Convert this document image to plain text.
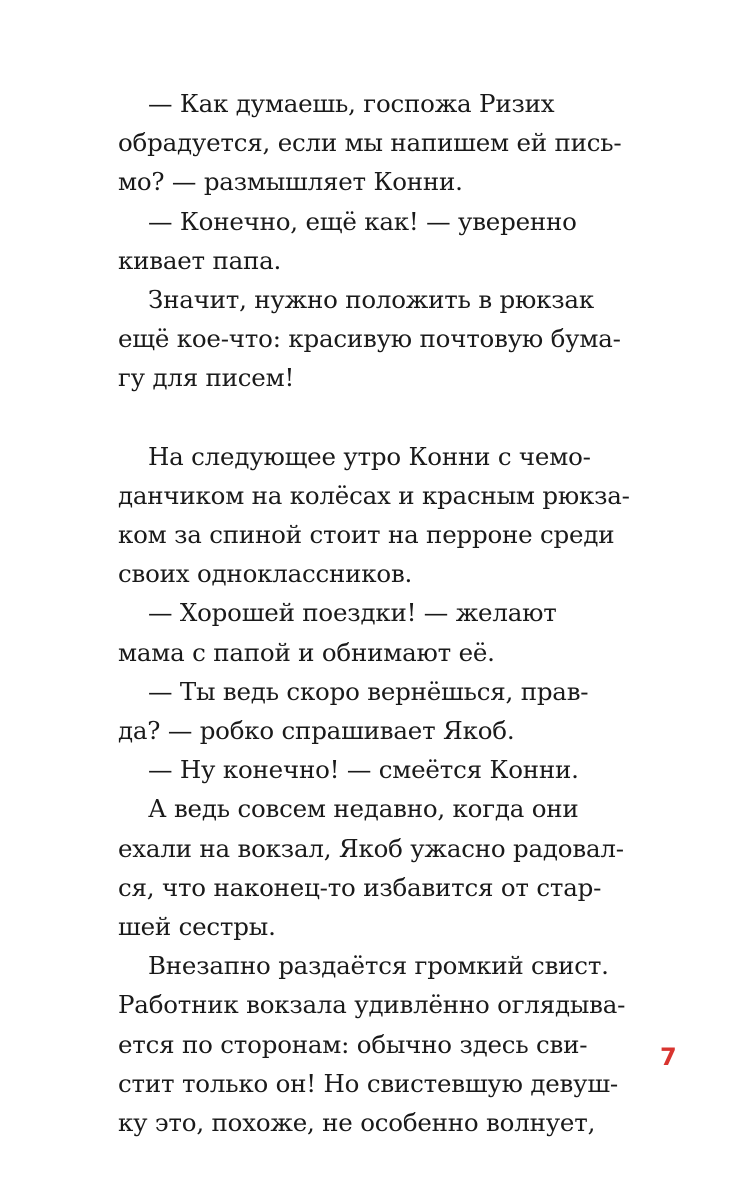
— Как думаешь, госпожа Ризих
обрадуется, если мы напишем ей пись-
мо? — размышляет Конни.
— Конечно, ещё как! — уверенно
кивает папа.
Значит, нужно положить в рюкзак
ещё кое-что: красивую почтовую бума-
гу для писем!
На следующее утро Конни с чемо-
данчиком на колёсах и красным рюкза-
ком за спиной стоит на перроне среди
своих одноклассников.
— Хорошей поездки! — желают
мама с папой и обнимают её.
— Ты ведь скоро вернёшься, прав-
да? — робко спрашивает Якоб.
— Ну конечно! — смеётся Конни.
А ведь совсем недавно, когда они
ехали на вокзал, Якоб ужасно радовал-
ся, что наконец-то избавится от стар-
шей сестры.
Внезапно раздаётся громкий свист.
Работник вокзала удивлённо оглядыва-
ется по сторонам: обычно здесь сви-
стит только он! Но свистевшую девуш-
ку это, похоже, не особенно волнует,
7
